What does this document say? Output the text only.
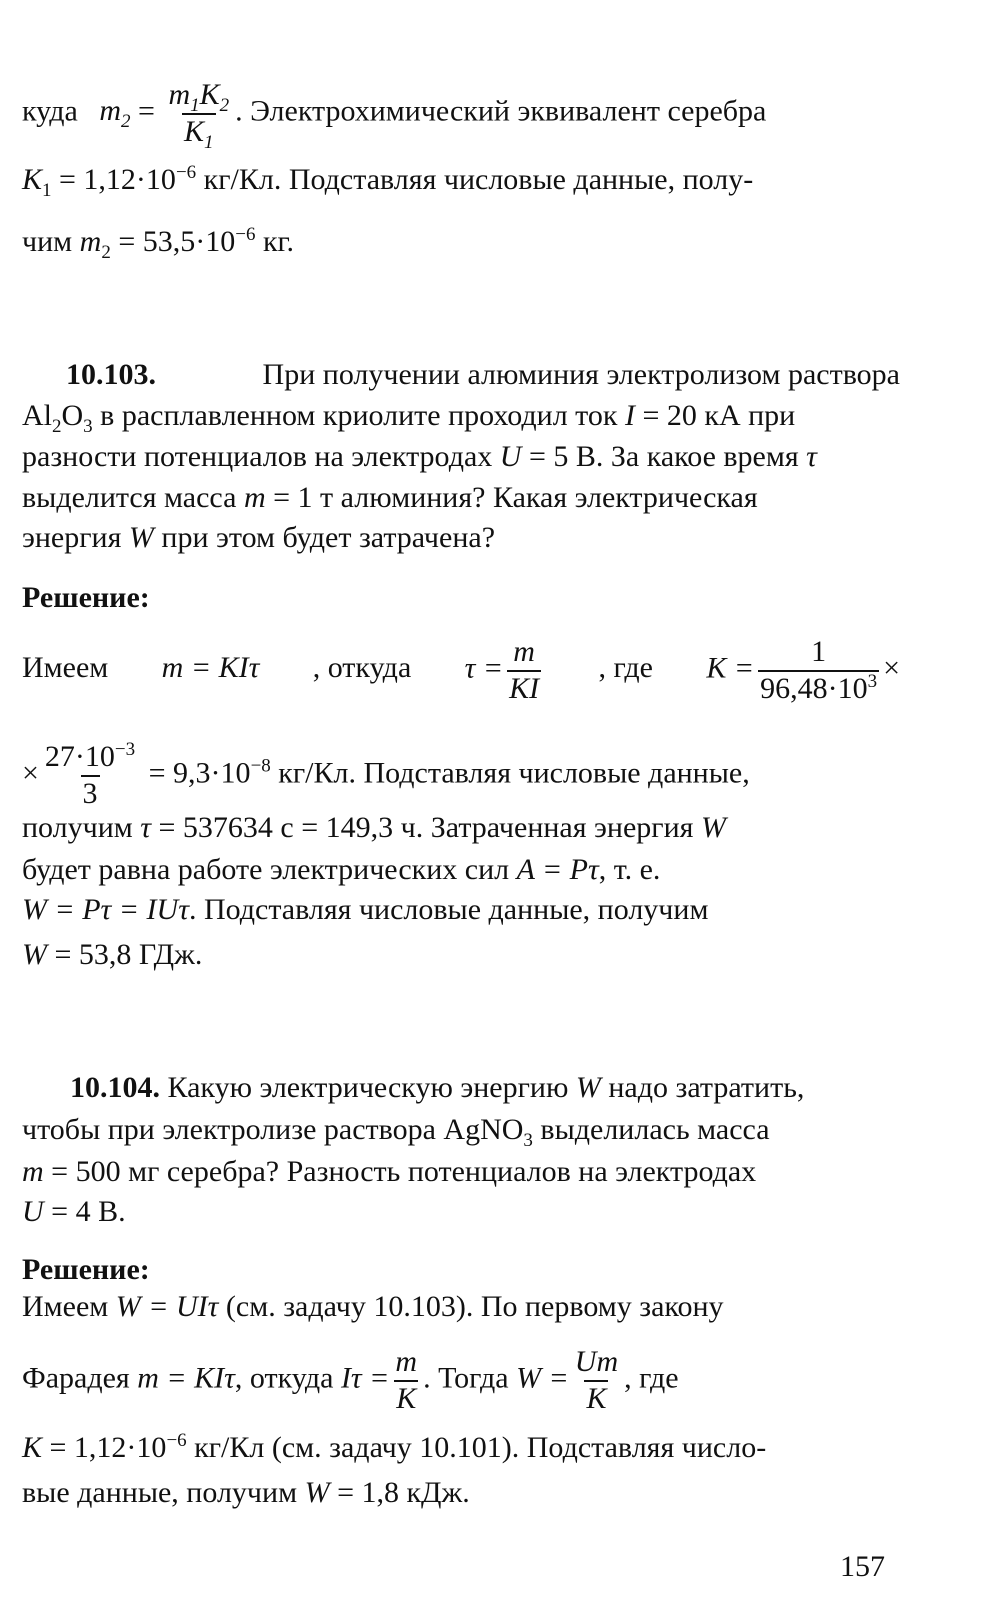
куда $m_2 = \frac{m_1K_2}{K_1}$ . Электрохимический эквивалент серебра
$K_1 = 1,12\cdot 10^{-6}$ кг/Кл. Подставляя числовые данные, полу-
чим $m_2 = 53,5\cdot 10^{-6}$ кг.
10.103.	При получении алюминия электролизом раствора
$Al_2O_3$ в расплавленном криолите проходил ток I = 20 кА при
разности потенциалов на электродах U = 5 В. За какое время τ
выделится масса m = 1 т алюминия? Какая электрическая
энергия W при этом будет затрачена?
Решение:
Имеем m = KIτ , откуда $\tau = \frac{m}{KI}$ , где $K = \frac{1}{96,48\cdot 10^3}$ ×
× $\frac{27\cdot 10^{-3}}{3} = 9,3\cdot 10^{-8}$ кг/Кл. Подставляя числовые данные,
получим τ = 537634 с = 149,3 ч. Затраченная энергия W
будет равна работе электрических сил A = Pτ, т. е.
W = Pτ = IUτ. Подставляя числовые данные, получим
W = 53,8 ГДж.
10.104. Какую электрическую энергию W надо затратить,
чтобы при электролизе раствора AgNO$_3$ выделилась масса
m = 500 мг серебра? Разность потенциалов на электродах
U = 4 В.
Решение:
Имеем W = UIτ (см. задачу 10.103). По первому закону
Фарадея m = KIτ, откуда $I\tau = \frac{m}{K}$ . Тогда $W = \frac{Um}{K}$ , где
$K = 1,12\cdot 10^{-6}$ кг/Кл (см. задачу 10.101). Подставляя число-
вые данные, получим W = 1,8 кДж.
157
